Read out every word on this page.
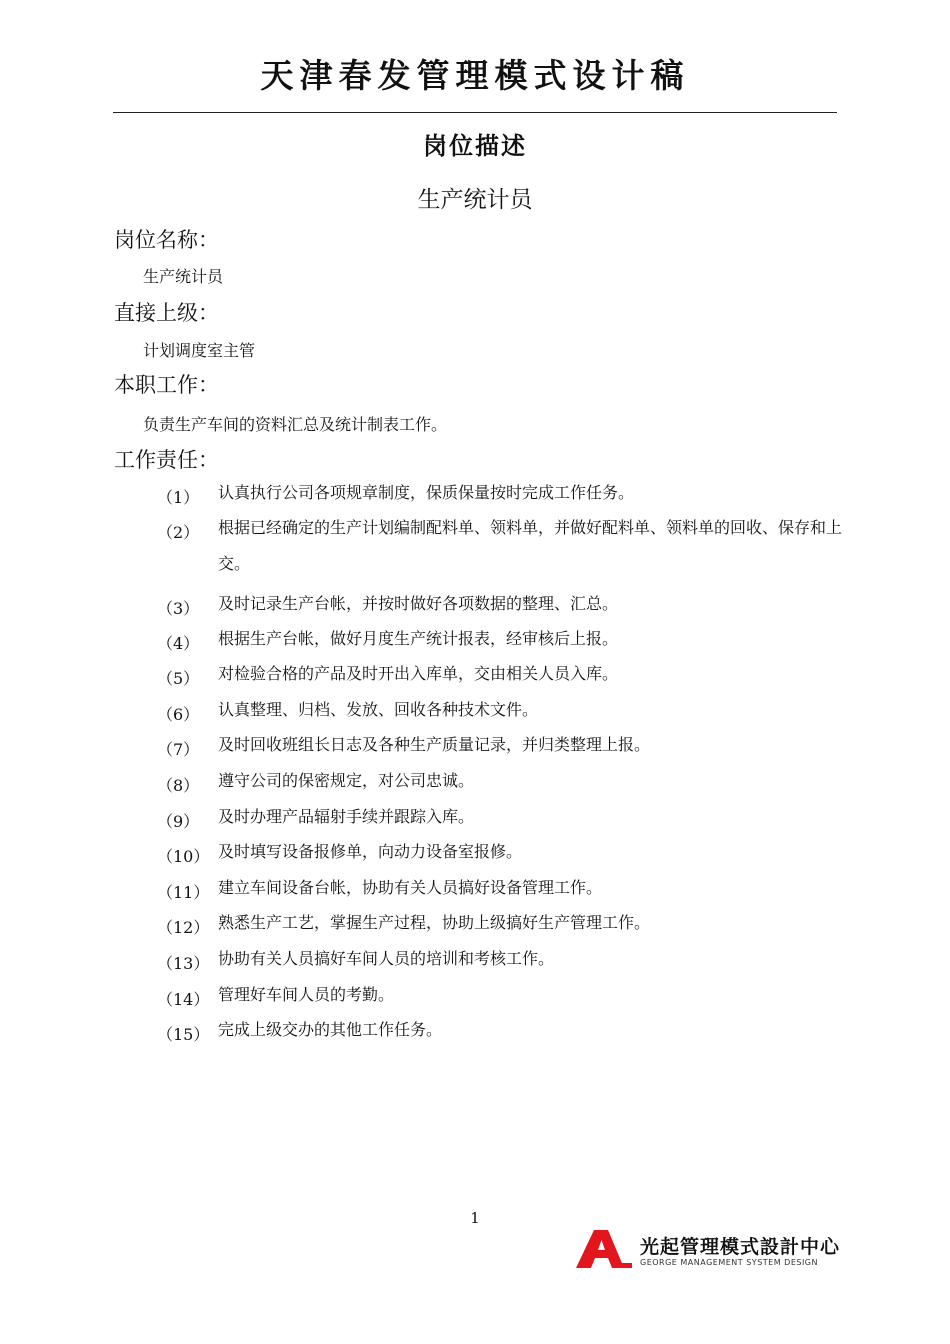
天津春发管理模式设计稿
岗位描述
生产统计员
岗位名称：
生产统计员
直接上级：
计划调度室主管
本职工作：
负责生产车间的资料汇总及统计制表工作。
工作责任：
（1）	认真执行公司各项规章制度，保质保量按时完成工作任务。
（2）	根据已经确定的生产计划编制配料单、领料单，并做好配料单、领料单的回收、保存和上交。
（3）	及时记录生产台帐，并按时做好各项数据的整理、汇总。
（4）	根据生产台帐，做好月度生产统计报表，经审核后上报。
（5）	对检验合格的产品及时开出入库单，交由相关人员入库。
（6）	认真整理、归档、发放、回收各种技术文件。
（7）	及时回收班组长日志及各种生产质量记录，并归类整理上报。
（8）	遵守公司的保密规定，对公司忠诚。
（9）	及时办理产品辐射手续并跟踪入库。
（10） 及时填写设备报修单，向动力设备室报修。
（11） 建立车间设备台帐，协助有关人员搞好设备管理工作。
（12） 熟悉生产工艺，掌握生产过程，协助上级搞好生产管理工作。
（13） 协助有关人员搞好车间人员的培训和考核工作。
（14） 管理好车间人员的考勤。
（15） 完成上级交办的其他工作任务。
1
光起管理模式設計中心
GEORGE MANAGEMENT SYSTEM DESIGN
